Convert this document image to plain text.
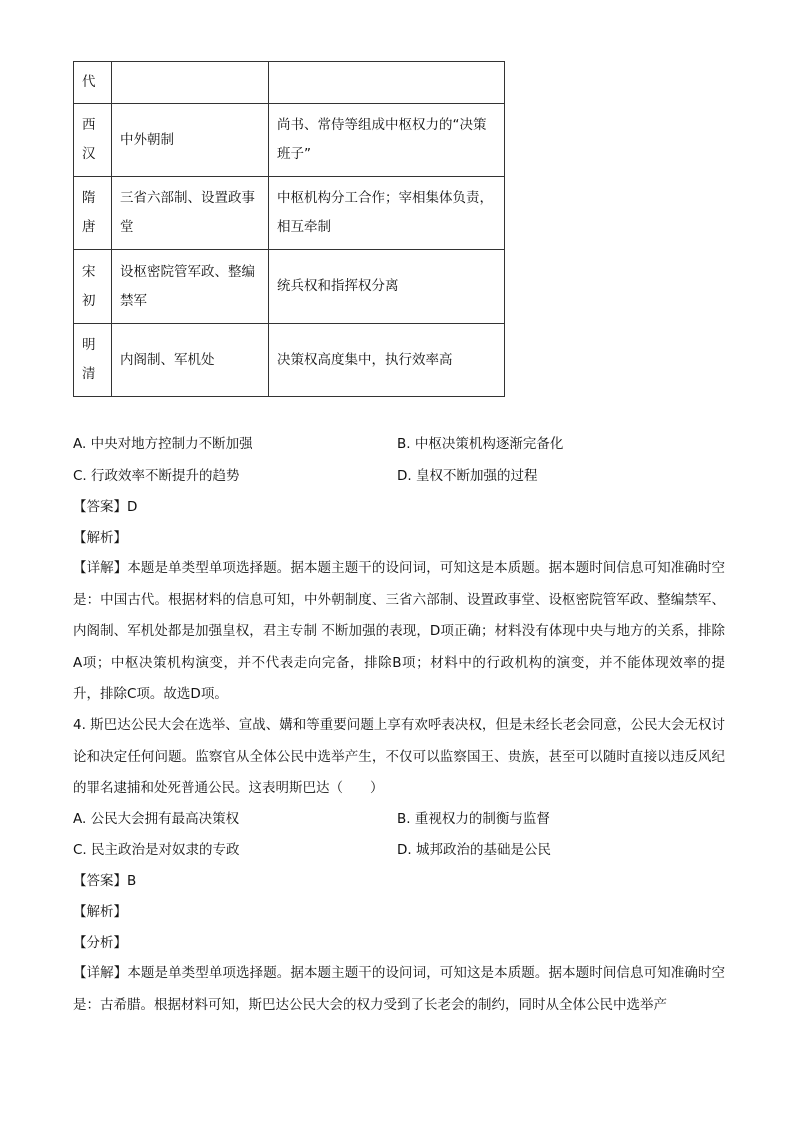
代		

西汉	中外朝制	尚书、常侍等组成中枢权力的“决策班子”

隋唐	三省六部制、设置政事堂	中枢机构分工合作；宰相集体负责，相互牵制

宋初	设枢密院管军政、整编禁军	统兵权和指挥权分离

明清	内阁制、军机处	决策权高度集中，执行效率高
A. 中央对地方控制力不断加强	B. 中枢决策机构逐渐完备化
C. 行政效率不断提升的趋势	D. 皇权不断加强的过程
【答案】D
【解析】
【详解】本题是单类型单项选择题。据本题主题干的设问词，可知这是本质题。据本题时间信息可知准确时空是：中国古代。根据材料的信息可知，中外朝制度、三省六部制、设置政事堂、设枢密院管军政、整编禁军、内阁制、军机处都是加强皇权，君主专制 不断加强的表现，D项正确；材料没有体现中央与地方的关系，排除A项；中枢决策机构演变，并不代表走向完备，排除B项；材料中的行政机构的演变，并不能体现效率的提升，排除C项。故选D项。
4. 斯巴达公民大会在选举、宣战、媾和等重要问题上享有欢呼表决权，但是未经长老会同意，公民大会无权讨论和决定任何问题。监察官从全体公民中选举产生，不仅可以监察国王、贵族，甚至可以随时直接以违反风纪的罪名逮捕和处死普通公民。这表明斯巴达（　　）
A. 公民大会拥有最高决策权	B. 重视权力的制衡与监督
C. 民主政治是对奴隶的专政	D. 城邦政治的基础是公民
【答案】B
【解析】
【分析】
【详解】本题是单类型单项选择题。据本题主题干的设问词，可知这是本质题。据本题时间信息可知准确时空是：古希腊。根据材料可知，斯巴达公民大会的权力受到了长老会的制约，同时从全体公民中选举产
